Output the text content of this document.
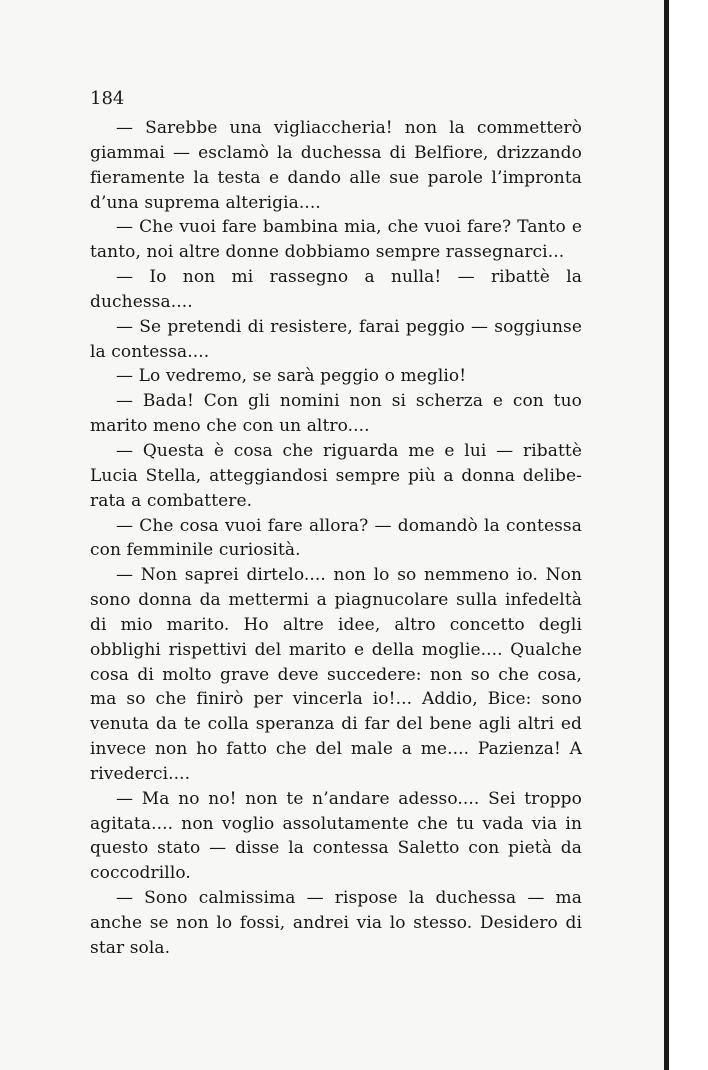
184

— Sarebbe una vigliaccheria! non la commetterò giammai — esclamò la duchessa di Belfiore, drizzando fieramente la testa e dando alle sue parole l’impronta d’una suprema alterigia....

— Che vuoi fare bambina mia, che vuoi fare? Tanto e tanto, noi altre donne dobbiamo sempre rassegnarci...

— Io non mi rassegno a nulla! — ribattè la duchessa....

— Se pretendi di resistere, farai peggio — soggiunse la contessa....

— Lo vedremo, se sarà peggio o meglio!

— Bada! Con gli nomini non si scherza e con tuo marito meno che con un altro....

— Questa è cosa che riguarda me e lui — ribattè Lucia Stella, atteggiandosi sempre più a donna delibe-rata a combattere.

— Che cosa vuoi fare allora? — domandò la contessa con femminile curiosità.

— Non saprei dirtelo.... non lo so nemmeno io. Non sono donna da mettermi a piagnucolare sulla infedeltà di mio marito. Ho altre idee, altro concetto degli obblighi rispettivi del marito e della moglie.... Qualche cosa di molto grave deve succedere: non so che cosa, ma so che finirò per vincerla io!... Addio, Bice: sono venuta da te colla speranza di far del bene agli altri ed invece non ho fatto che del male a me.... Pazienza! A rivederci....

— Ma no no! non te n’andare adesso.... Sei troppo agitata.... non voglio assolutamente che tu vada via in questo stato — disse la contessa Saletto con pietà da coccodrillo.

— Sono calmissima — rispose la duchessa — ma anche se non lo fossi, andrei via lo stesso. Desidero di star sola.
